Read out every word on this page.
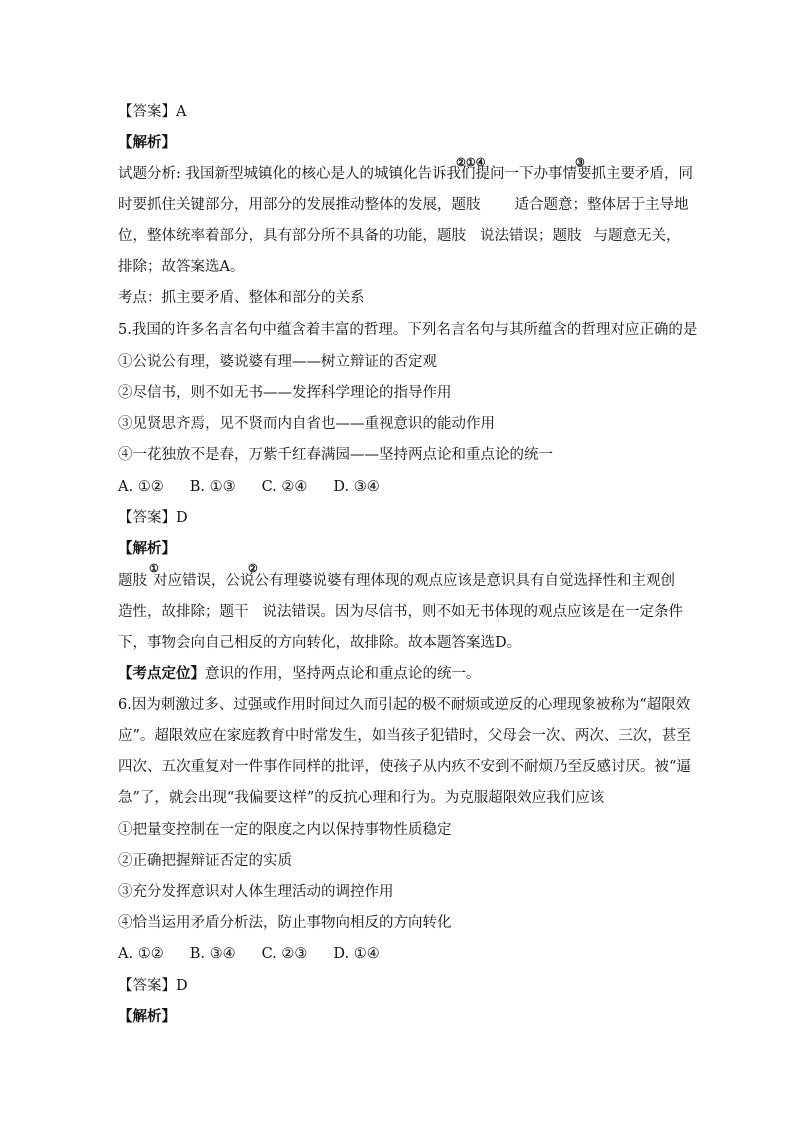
【答案】A
【解析】
试题分析: 我国新型城镇化的核心是人的城镇化告诉我们提问一下办事情要抓主要矛盾，同
②①④	③
时要抓住关键部分，用部分的发展推动整体的发展，题肢 适合题意；整体居于主导地
位，整体统率着部分，具有部分所不具备的功能，题肢 说法错误；题肢 与题意无关，
排除；故答案选A。
考点：抓主要矛盾、整体和部分的关系
5.我国的许多名言名句中蕴含着丰富的哲理。下列名言名句与其所蕴含的哲理对应正确的是
①公说公有理，婆说婆有理——树立辩证的否定观
②尽信书，则不如无书——发挥科学理论的指导作用
③见贤思齐焉，见不贤而内自省也——重视意识的能动作用
④一花独放不是春，万紫千红春满园——坚持两点论和重点论的统一
A. ①② B. ①③ C. ②④ D. ③④
【答案】D
【解析】
①	②
题肢 对应错误，公说公有理婆说婆有理体现的观点应该是意识具有自觉选择性和主观创
造性，故排除；题干 说法错误。因为尽信书，则不如无书体现的观点应该是在一定条件
下，事物会向自己相反的方向转化，故排除。故本题答案选D。
【考点定位】意识的作用，坚持两点论和重点论的统一。
6.因为刺激过多、过强或作用时间过久而引起的极不耐烦或逆反的心理现象被称为“超限效
应”。超限效应在家庭教育中时常发生，如当孩子犯错时，父母会一次、两次、三次，甚至
四次、五次重复对一件事作同样的批评，使孩子从内疚不安到不耐烦乃至反感讨厌。被“逼
急”了，就会出现“我偏要这样”的反抗心理和行为。为克服超限效应我们应该
①把量变控制在一定的限度之内以保持事物性质稳定
②正确把握辩证否定的实质
③充分发挥意识对人体生理活动的调控作用
④恰当运用矛盾分析法，防止事物向相反的方向转化
A. ①② B. ③④ C. ②③ D. ①④
【答案】D
【解析】
